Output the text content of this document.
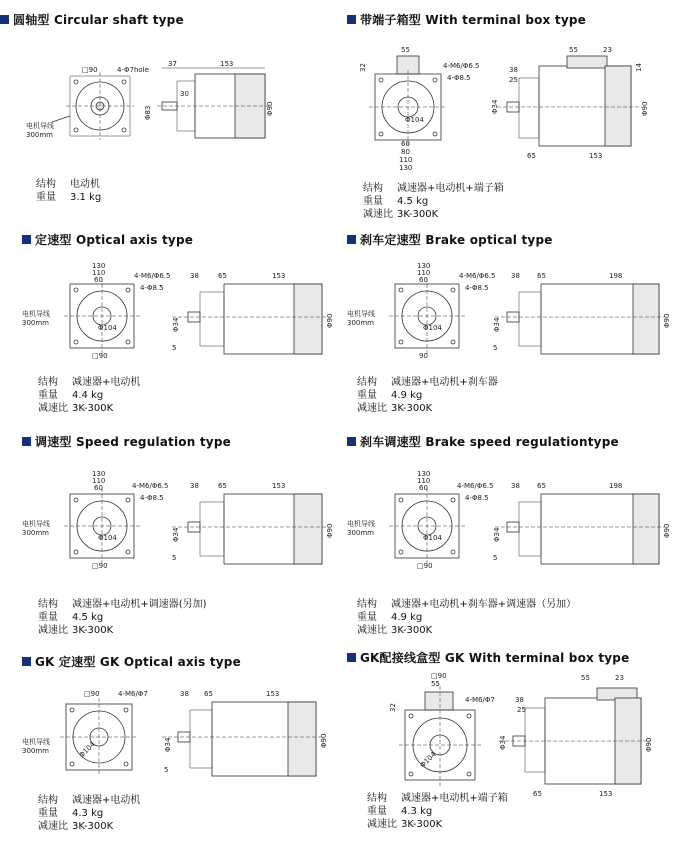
圆轴型 Circular shaft type
□90	4-Φ7hole
电机导线
300mm
37	153
30
Φ83	Φ90
结构 电动机
重量 3.1 kg
带端子箱型 With terminal box type
55
32	4-M6/Φ6.5
4-Φ8.5
Φ104
60
80
110
130
55	23
14
38
25
Φ34	Φ90
65	153
结构 减速器+电动机+端子箱
重量 4.5 kg
减速比 3K-300K
定速型 Optical axis type
130
110
60	4-M6/Φ6.5
4-Φ8.5
Φ104
□90
电机导线
300mm
38	65	153
Φ34	Φ90
5
结构 减速器+电动机
重量 4.4 kg
减速比 3K-300K
刹车定速型 Brake optical type
130
110
60	4-M6/Φ6.5
4-Φ8.5
Φ104
90
电机导线
300mm
38 65	198
Φ34	Φ90
5
结构 减速器+电动机+刹车器
重量 4.9 kg
减速比 3K-300K
调速型 Speed regulation type
130
110
60	4-M6/Φ6.5
4-Φ8.5
Φ104
□90
电机导线
300mm
38	65	153
Φ34	Φ90
5
结构 减速器+电动机+调速器(另加)
重量 4.5 kg
减速比 3K-300K
刹车调速型 Brake speed regulationtype
130
110
60	4-M6/Φ6.5
4-Φ8.5
Φ104
□90
电机导线
300mm
38 65	198
Φ34	Φ90
5
结构 减速器+电动机+刹车器+调速器（另加）
重量 4.9 kg
减速比 3K-300K
GK 定速型 GK Optical axis type
□90	4-M6/Φ7
Φ104
电机导线
300mm
38 65	153
Φ34	Φ90
5
结构 减速器+电动机
重量 4.3 kg
减速比 3K-300K
GK配接线盒型 GK With terminal box type
□90
55
32
4-M6/Φ7
Φ104
55	23
38
25
Φ34	Φ90
65	153
结构 减速器+电动机+端子箱
重量 4.3 kg
减速比 3K-300K
